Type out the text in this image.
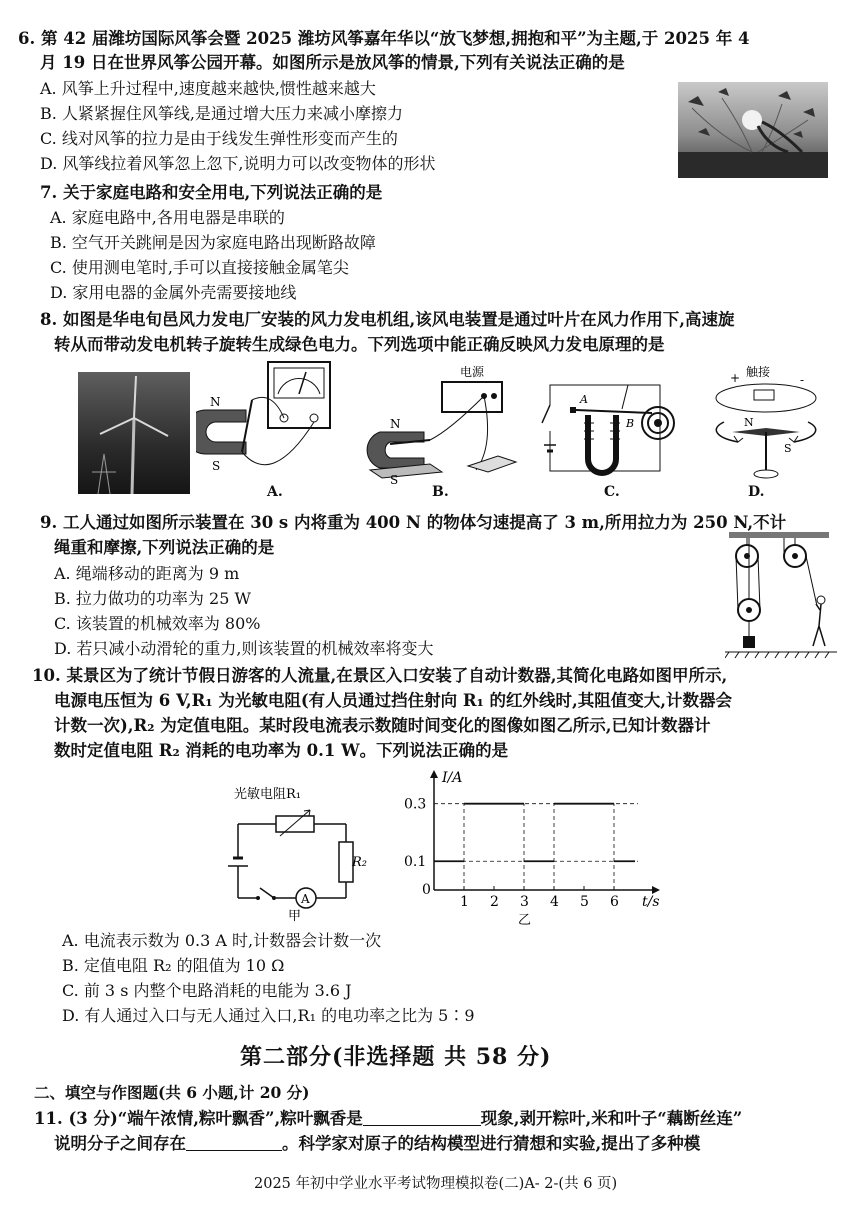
6. 第 42 届潍坊国际风筝会暨 2025 潍坊风筝嘉年华以“放飞梦想,拥抱和平”为主题,于 2025 年 4
月 19 日在世界风筝公园开幕。如图所示是放风筝的情景,下列有关说法正确的是
A. 风筝上升过程中,速度越来越快,惯性越来越大
B. 人紧紧握住风筝线,是通过增大压力来减小摩擦力
C. 线对风筝的拉力是由于线发生弹性形变而产生的
D. 风筝线拉着风筝忽上忽下,说明力可以改变物体的形状
7. 关于家庭电路和安全用电,下列说法正确的是
A. 家庭电路中,各用电器是串联的
B. 空气开关跳闸是因为家庭电路出现断路故障
C. 使用测电笔时,手可以直接接触金属笔尖
D. 家用电器的金属外壳需要接地线
8. 如图是华电旬邑风力发电厂安装的风力发电机组,该风电装置是通过叶片在风力作用下,高速旋
转从而带动发电机转子旋转生成绿色电力。下列选项中能正确反映风力发电原理的是
N
S
A.
电源
N
S
B.
A
B
C.
触接
+	-
N
S
D.
9. 工人通过如图所示装置在 30 s 内将重为 400 N 的物体匀速提高了 3 m,所用拉力为 250 N,不计
绳重和摩擦,下列说法正确的是
A. 绳端移动的距离为 9 m
B. 拉力做功的功率为 25 W
C. 该装置的机械效率为 80%
D. 若只减小动滑轮的重力,则该装置的机械效率将变大
10. 某景区为了统计节假日游客的人流量,在景区入口安装了自动计数器,其简化电路如图甲所示,
电源电压恒为 6 V,R₁ 为光敏电阻(有人员通过挡住射向 R₁ 的红外线时,其阻值变大,计数器会
计数一次),R₂ 为定值电阻。某时段电流表示数随时间变化的图像如图乙所示,已知计数器计
数时定值电阻 R₂ 消耗的电功率为 0.1 W。下列说法正确的是
光敏电阻R₁
R₂
A
甲
I/A
t/s
乙
0
1 2 3 4 5 6
0.1
0.3
A. 电流表示数为 0.3 A 时,计数器会计数一次
B. 定值电阻 R₂ 的阻值为 10 Ω
C. 前 3 s 内整个电路消耗的电能为 3.6 J
D. 有人通过入口与无人通过入口,R₁ 的电功率之比为 5∶9
第二部分(非选择题 共 58 分)
二、填空与作图题(共 6 小题,计 20 分)
11. (3 分)“端午浓情,粽叶飘香”,粽叶飘香是	现象,剥开粽叶,米和叶子“藕断丝连”
说明分子之间存在	。科学家对原子的结构模型进行猜想和实验,提出了多种模
2025 年初中学业水平考试物理模拟卷(二)A- 2-(共 6 页)
